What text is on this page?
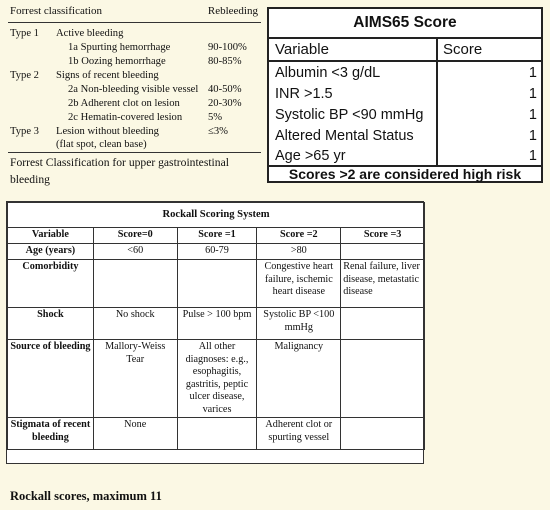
Forrest classification	Rebleeding
Type 1 Active bleeding
1a Spurting hemorrhage	90-100%
1b Oozing hemorrhage	80-85%
Type 2 Signs of recent bleeding
2a Non-bleeding visible vessel 40-50%
2b Adherent clot on lesion	20-30%
2c Hematin-covered lesion 5%
Type 3 Lesion without bleeding	≤3%
(flat spot, clean base)
Forrest Classification for upper gastrointestinal bleeding
AIMS65 Score
Variable	Score
Albumin <3 g/dL	1
INR >1.5	1
Systolic BP <90 mmHg	1
Altered Mental Status	1
Age >65 yr	1
Scores >2 are considered high risk
Rockall Scoring System				
Variable	Score=0	Score =1	Score =2	Score =3
Age (years)	<60	60-79	>80	
Comorbidity			Congestive heart failure, ischemic heart disease	Renal failure, liver disease, metastatic disease
Shock	No shock	Pulse > 100 bpm	Systolic BP <100 mmHg	
Source of bleeding	Mallory-Weiss Tear	All other diagnoses: e.g., esophagitis, gastritis, peptic ulcer disease, varices	Malignancy	
Stigmata of recent bleeding	None		Adherent clot or spurting vessel	
Rockall scores, maximum 11
